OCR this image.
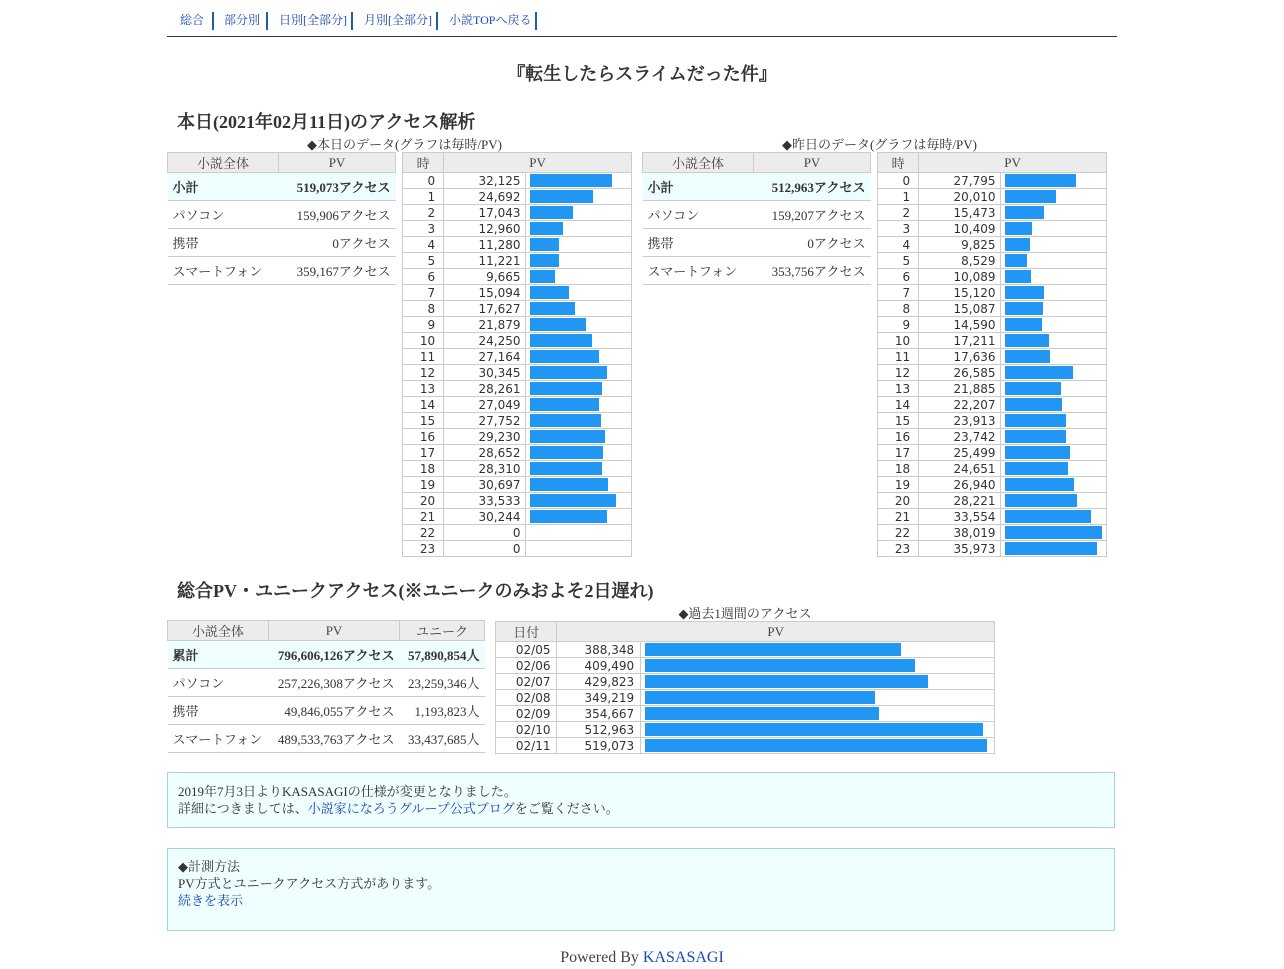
総合 部分別 日別[全部分] 月別[全部分] 小説TOPへ戻る
『転生したらスライムだった件』
本日(2021年02月11日)のアクセス解析
◆本日のデータ(グラフは毎時/PV)	◆昨日のデータ(グラフは毎時/PV)
小説全体	PV
小計	519,073アクセス
パソコン	159,906アクセス
携帯	0アクセス
スマートフォン	359,167アクセス
時	PV	
0	32,125	

1	24,692	

2	17,043	

3	12,960	

4	11,280	

5	11,221	

6	9,665	

7	15,094	

8	17,627	

9	21,879	

10	24,250	

11	27,164	

12	30,345	

13	28,261	

14	27,049	

15	27,752	

16	29,230	

17	28,652	

18	28,310	

19	30,697	

20	33,533	

21	30,244	

22	0	
23	0	
小説全体	PV
小計	512,963アクセス
パソコン	159,207アクセス
携帯	0アクセス
スマートフォン	353,756アクセス
時	PV	
0	27,795	

1	20,010	

2	15,473	

3	10,409	

4	9,825	

5	8,529	

6	10,089	

7	15,120	

8	15,087	

9	14,590	

10	17,211	

11	17,636	

12	26,585	

13	21,885	

14	22,207	

15	23,913	

16	23,742	

17	25,499	

18	24,651	

19	26,940	

20	28,221	

21	33,554	

22	38,019	

23	35,973	
総合PV・ユニークアクセス(※ユニークのみおよそ2日遅れ)
◆過去1週間のアクセス
小説全体	PV	ユニーク
累計	796,606,126アクセス	57,890,854人
パソコン	257,226,308アクセス	23,259,346人
携帯	49,846,055アクセス	1,193,823人
スマートフォン	489,533,763アクセス	33,437,685人
日付	PV	
02/05	388,348	

02/06	409,490	

02/07	429,823	

02/08	349,219	

02/09	354,667	

02/10	512,963	

02/11	519,073	
2019年7月3日よりKASASAGIの仕様が変更となりました。
詳細につきましては、小説家になろうグループ公式ブログをご覧ください。
◆計測方法
PV方式とユニークアクセス方式があります。
続きを表示
Powered By KASASAGI
